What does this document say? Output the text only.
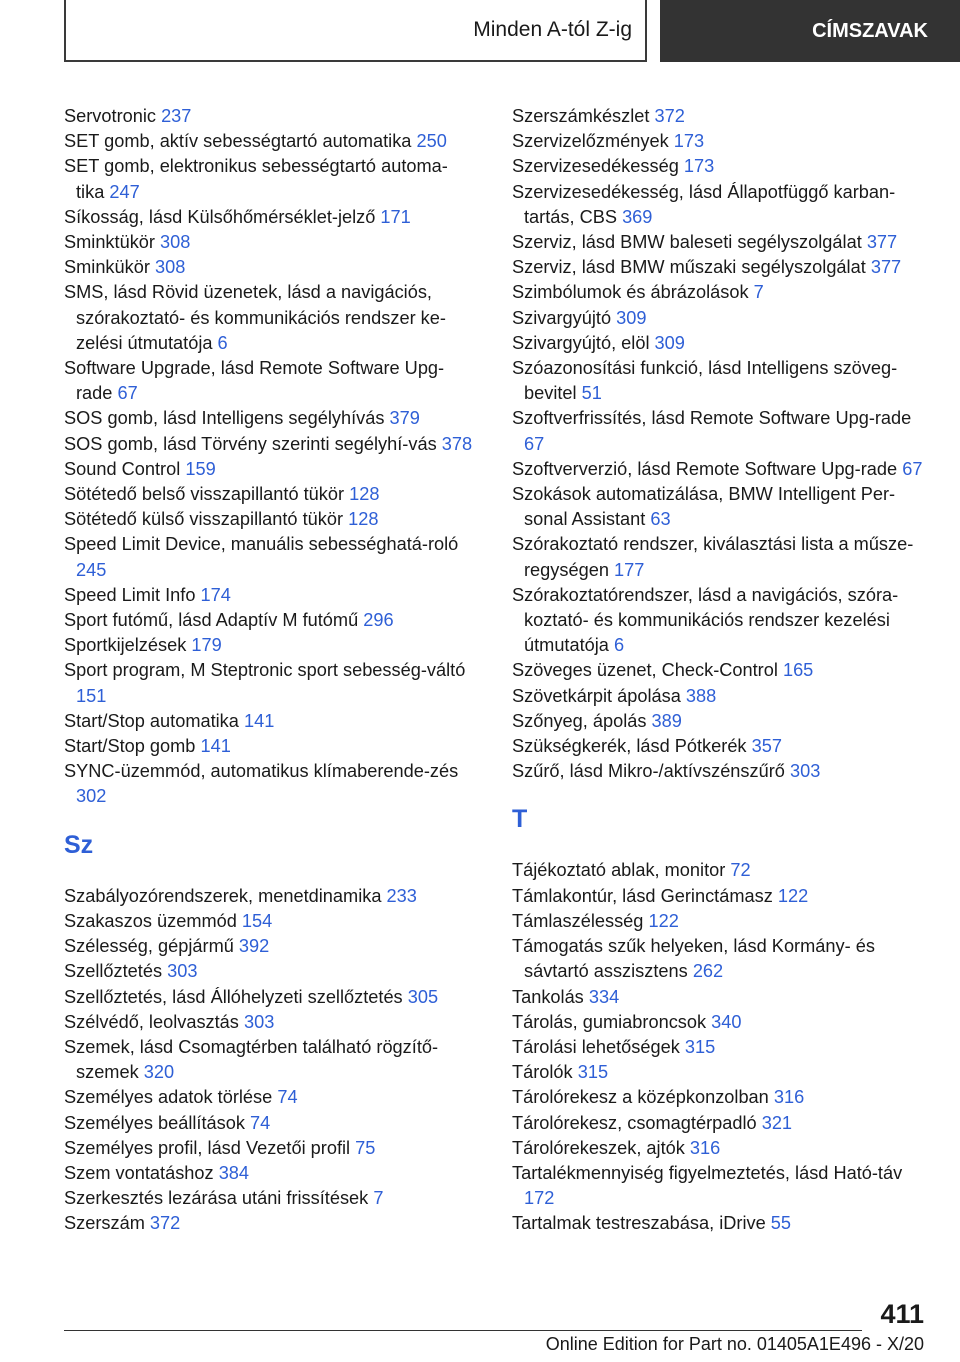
Minden A-tól Z-ig	CÍMSZAVAK
Servotronic 237
SET gomb, aktív sebességtartó automatika 250
SET gomb, elektronikus sebességtartó automa‐tika 247
Síkosság, lásd Külsőhőmérséklet-jelző 171
Sminktükör 308
Sminkükör 308
SMS, lásd Rövid üzenetek, lásd a navigációs, szórakoztató- és kommunikációs rendszer ke‐zelési útmutatója 6
Software Upgrade, lásd Remote Software Upg‐rade 67
SOS gomb, lásd Intelligens segélyhívás 379
SOS gomb, lásd Törvény szerinti segélyhí‐vás 378
Sound Control 159
Sötétedő belső visszapillantó tükör 128
Sötétedő külső visszapillantó tükör 128
Speed Limit Device, manuális sebességhatá‐roló 245
Speed Limit Info 174
Sport futómű, lásd Adaptív M futómű 296
Sportkijelzések 179
Sport program, M Steptronic sport sebesség‐váltó 151
Start/Stop automatika 141
Start/Stop gomb 141
SYNC-üzemmód, automatikus klímaberende‐zés 302
Sz
Szabályozórendszerek, menetdinamika 233
Szakaszos üzemmód 154
Szélesség, gépjármű 392
Szellőztetés 303
Szellőztetés, lásd Állóhelyzeti szellőztetés 305
Szélvédő, leolvasztás 303
Szemek, lásd Csomagtérben található rögzítő‐szemek 320
Személyes adatok törlése 74
Személyes beállítások 74
Személyes profil, lásd Vezetői profil 75
Szem vontatáshoz 384
Szerkesztés lezárása utáni frissítések 7
Szerszám 372
Szerszámkészlet 372
Szervizelőzmények 173
Szervizesedékesség 173
Szervizesedékesség, lásd Állapotfüggő karban‐tartás, CBS 369
Szerviz, lásd BMW baleseti segélyszolgálat 377
Szerviz, lásd BMW műszaki segélyszolgálat 377
Szimbólumok és ábrázolások 7
Szivargyújtó 309
Szivargyújtó, elöl 309
Szóazonosítási funkció, lásd Intelligens szöveg‐bevitel 51
Szoftverfrissítés, lásd Remote Software Upg‐rade 67
Szoftververzió, lásd Remote Software Upg‐rade 67
Szokások automatizálása, BMW Intelligent Per‐sonal Assistant 63
Szórakoztató rendszer, kiválasztási lista a műsze‐regységen 177
Szórakoztatórendszer, lásd a navigációs, szóra‐koztató- és kommunikációs rendszer kezelési útmutatója 6
Szöveges üzenet, Check-Control 165
Szövetkárpit ápolása 388
Szőnyeg, ápolás 389
Szükségkerék, lásd Pótkerék 357
Szűrő, lásd Mikro-/aktívszénszűrő 303
T
Tájékoztató ablak, monitor 72
Támlakontúr, lásd Gerinctámasz 122
Támlaszélesség 122
Támogatás szűk helyeken, lásd Kormány- és sávtartó asszisztens 262
Tankolás 334
Tárolás, gumiabroncsok 340
Tárolási lehetőségek 315
Tárolók 315
Tárolórekesz a középkonzolban 316
Tárolórekesz, csomagtérpadló 321
Tárolórekeszek, ajtók 316
Tartalékmennyiség figyelmeztetés, lásd Ható‐táv 172
Tartalmak testreszabása, iDrive 55
411
Online Edition for Part no. 01405A1E496 - X/20
